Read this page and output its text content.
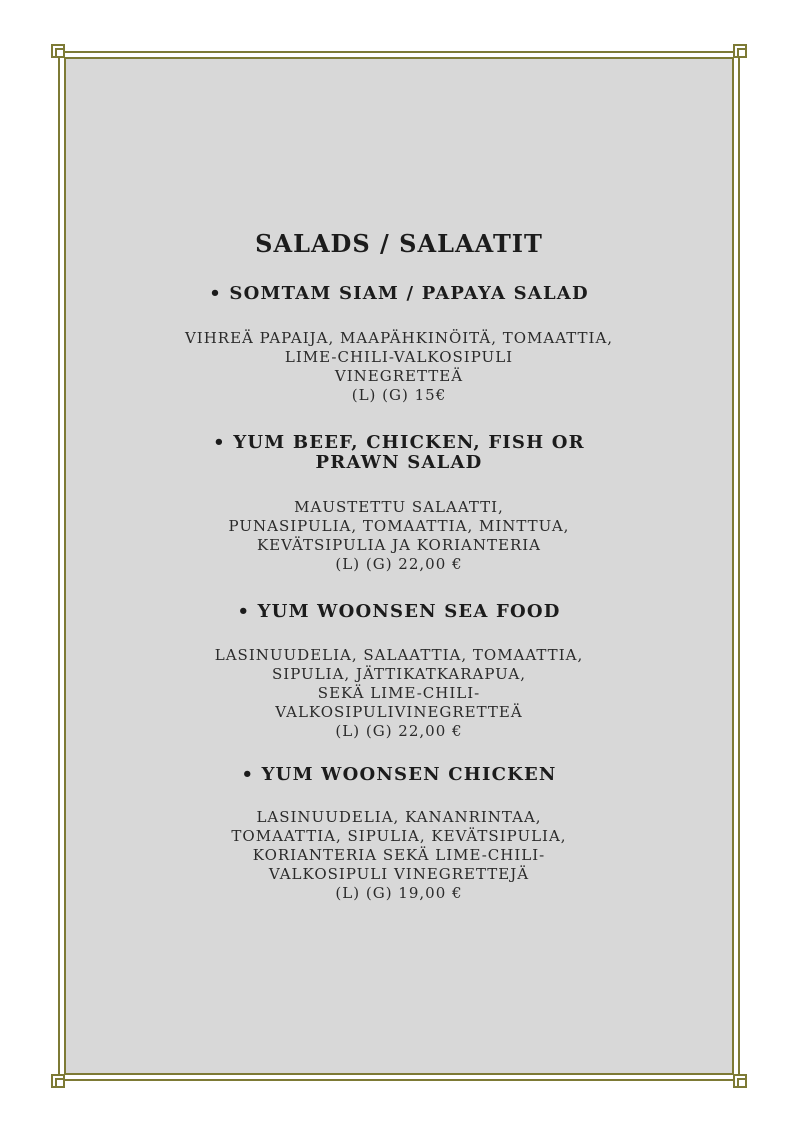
SALADS / SALAATIT
• SOMTAM SIAM / PAPAYA SALAD
VIHREÄ PAPAIJA, MAAPÄHKINÖITÄ, TOMAATTIA,
LIME-CHILI-VALKOSIPULI
VINEGRETTEÄ
(L) (G) 15€
• YUM BEEF, CHICKEN, FISH OR
PRAWN SALAD
MAUSTETTU SALAATTI,
PUNASIPULIA, TOMAATTIA, MINTTUA,
KEVÄTSIPULIA JA KORIANTERIA
(L) (G) 22,00 €
• YUM WOONSEN SEA FOOD
LASINUUDELIA, SALAATTIA, TOMAATTIA,
SIPULIA, JÄTTIKATKARAPUA,
SEKÄ LIME-CHILI-
VALKOSIPULIVINEGRETTEÄ
(L) (G) 22,00 €
• YUM WOONSEN CHICKEN
LASINUUDELIA, KANANRINTAA,
TOMAATTIA, SIPULIA, KEVÄTSIPULIA,
KORIANTERIA SEKÄ LIME-CHILI-
VALKOSIPULI VINEGRETTEJÄ
(L) (G) 19,00 €
